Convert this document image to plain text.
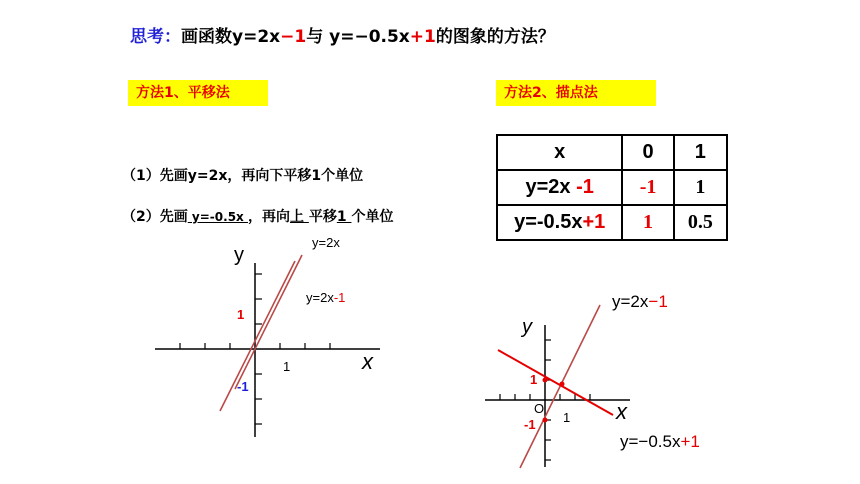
思考：画函数y=2x−1与 y=−0.5x+1的图象的方法？
方法1、平移法	方法2、描点法
（1）先画y=2x，再向下平移1个单位
（2）先画 y=-0.5x ，再向上 平移1 个单位
x	0	1
y=2x -1	-1	1
y=-0.5x+1	1	0.5
y
x
1
1
-1
y=2x
y=2x-1
y
x
O
1
1
-1
y=2x−1
y=−0.5x+1
